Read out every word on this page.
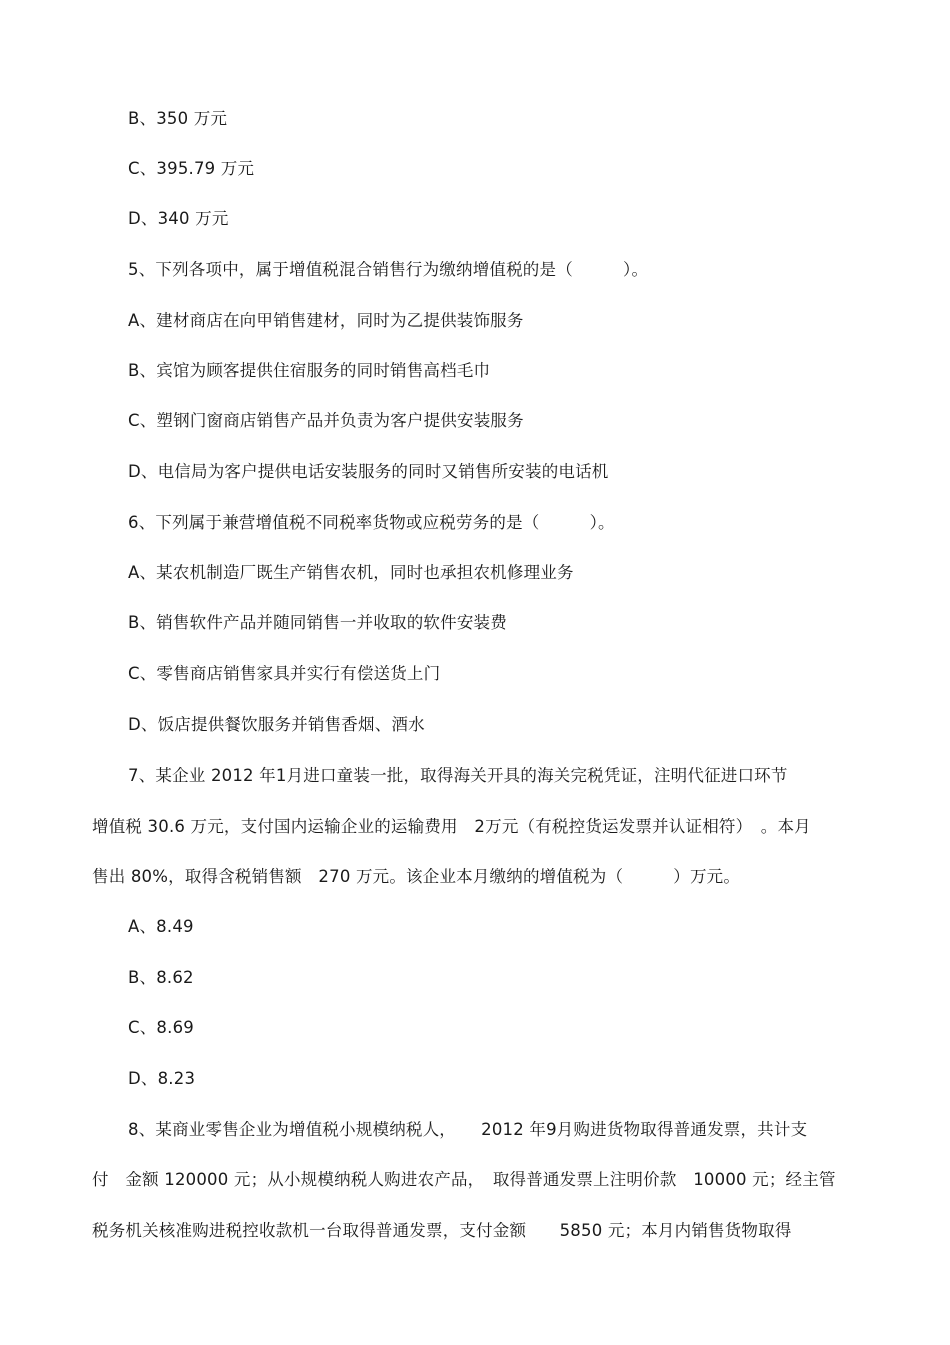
B、350 万元
C、395.79 万元
D、340 万元
5、下列各项中，属于增值税混合销售行为缴纳增值税的是（　　　）。
A、建材商店在向甲销售建材，同时为乙提供装饰服务
B、宾馆为顾客提供住宿服务的同时销售高档毛巾
C、塑钢门窗商店销售产品并负责为客户提供安装服务
D、电信局为客户提供电话安装服务的同时又销售所安装的电话机
6、下列属于兼营增值税不同税率货物或应税劳务的是（　　　）。
A、某农机制造厂既生产销售农机，同时也承担农机修理业务
B、销售软件产品并随同销售一并收取的软件安装费
C、零售商店销售家具并实行有偿送货上门
D、饭店提供餐饮服务并销售香烟、酒水
7、某企业 2012 年1月进口童装一批，取得海关开具的海关完税凭证，注明代征进口环节
增值税 30.6 万元，支付国内运输企业的运输费用　2万元（有税控货运发票并认证相符）　。本月
售出 80%，取得含税销售额　270 万元。该企业本月缴纳的增值税为（　　　）万元。
A、8.49
B、8.62
C、8.69
D、8.23
8、某商业零售企业为增值税小规模纳税人，　　2012 年9月购进货物取得普通发票，共计支
付　金额 120000 元；从小规模纳税人购进农产品，　取得普通发票上注明价款　10000 元；经主管
税务机关核准购进税控收款机一台取得普通发票，支付金额　　5850 元；本月内销售货物取得
